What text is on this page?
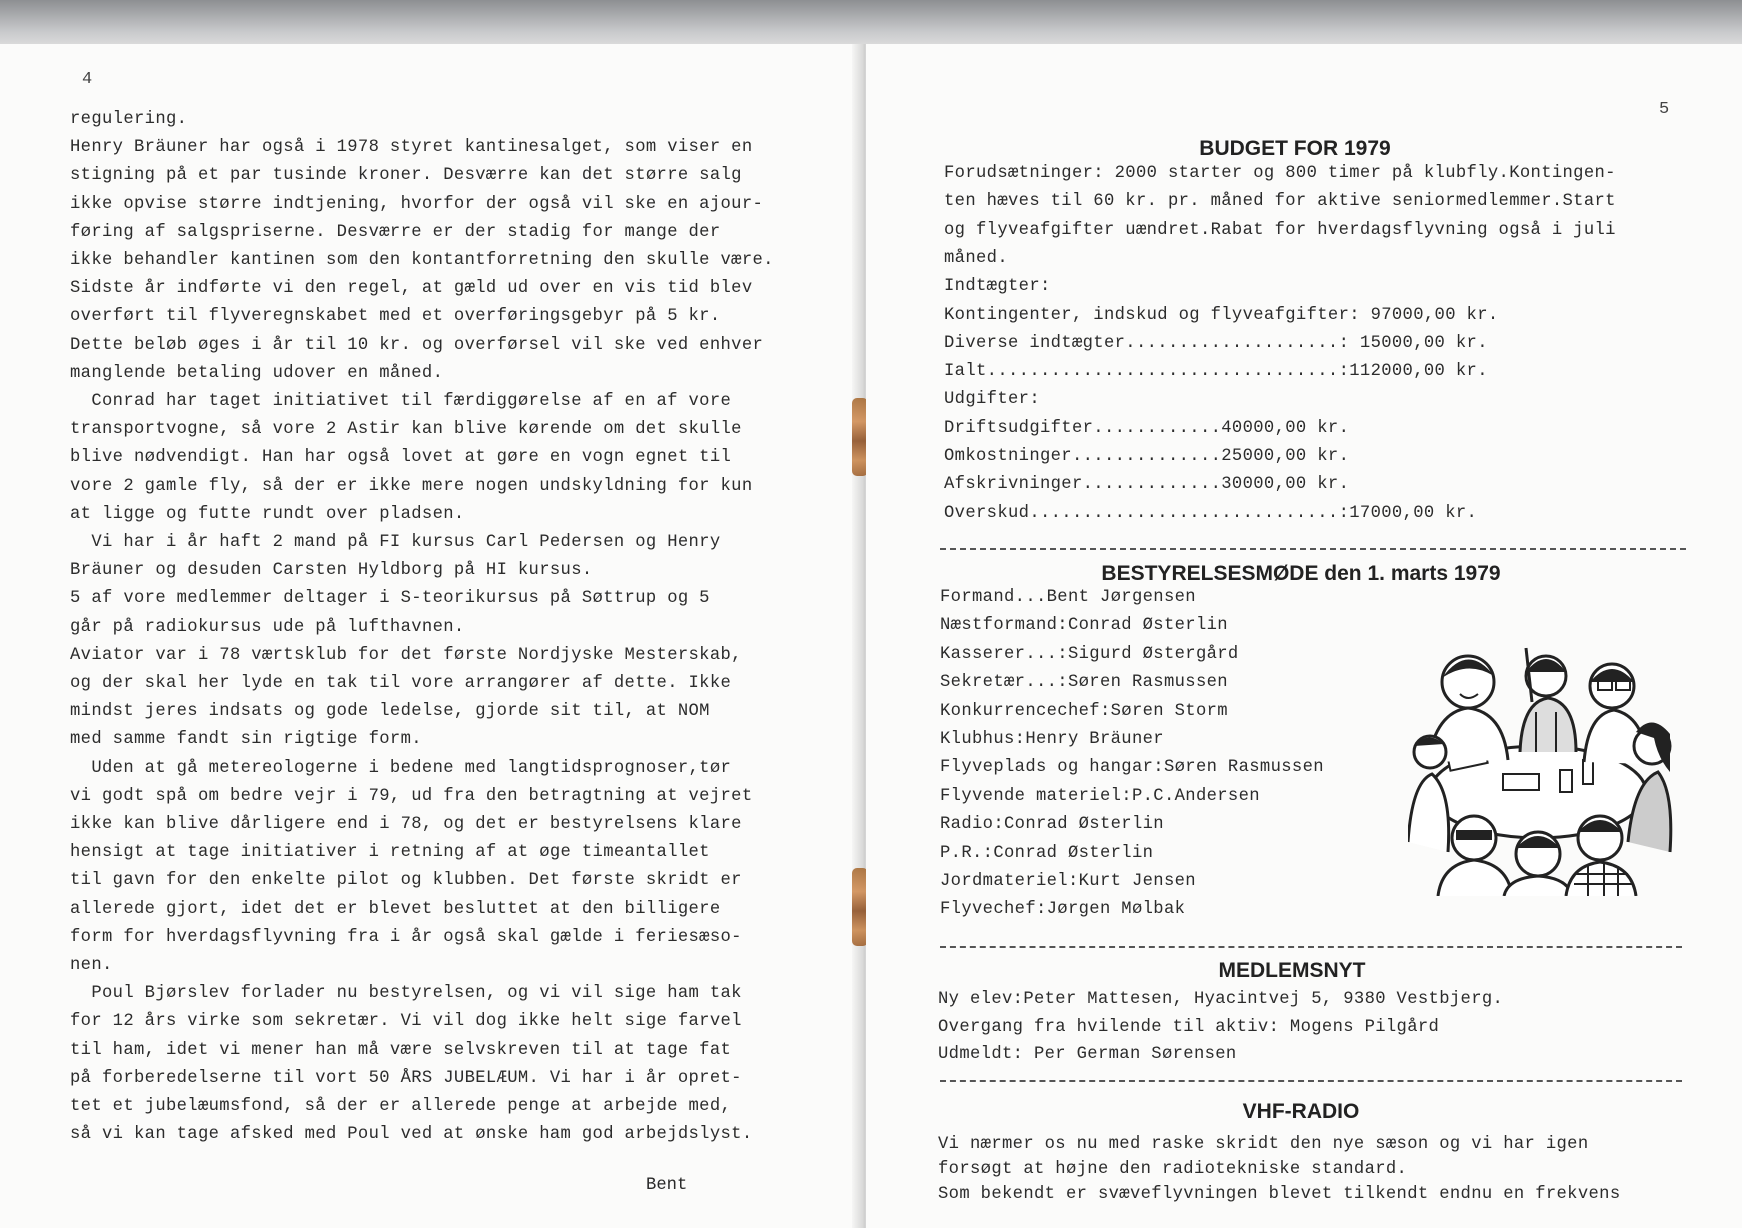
4
regulering.
Henry Bräuner har også i 1978 styret kantinesalget, som viser en
stigning på et par tusinde kroner. Desværre kan det større salg
ikke opvise større indtjening, hvorfor der også vil ske en ajour-
føring af salgspriserne. Desværre er der stadig for mange der
ikke behandler kantinen som den kontantforretning den skulle være.
Sidste år indførte vi den regel, at gæld ud over en vis tid blev
overført til flyveregnskabet med et overføringsgebyr på 5 kr.
Dette beløb øges i år til 10 kr. og overførsel vil ske ved enhver
manglende betaling udover en måned.
Conrad har taget initiativet til færdiggørelse af en af vore
transportvogne, så vore 2 Astir kan blive kørende om det skulle
blive nødvendigt. Han har også lovet at gøre en vogn egnet til
vore 2 gamle fly, så der er ikke mere nogen undskyldning for kun
at ligge og futte rundt over pladsen.
Vi har i år haft 2 mand på FI kursus Carl Pedersen og Henry
Bräuner og desuden Carsten Hyldborg på HI kursus.
5 af vore medlemmer deltager i S-teorikursus på Søttrup og 5
går på radiokursus ude på lufthavnen.
Aviator var i 78 værtsklub for det første Nordjyske Mesterskab,
og der skal her lyde en tak til vore arrangører af dette. Ikke
mindst jeres indsats og gode ledelse, gjorde sit til, at NOM
med samme fandt sin rigtige form.
Uden at gå metereologerne i bedene med langtidsprognoser,tør
vi godt spå om bedre vejr i 79, ud fra den betragtning at vejret
ikke kan blive dårligere end i 78, og det er bestyrelsens klare
hensigt at tage initiativer i retning af at øge timeantallet
til gavn for den enkelte pilot og klubben. Det første skridt er
allerede gjort, idet det er blevet besluttet at den billigere
form for hverdagsflyvning fra i år også skal gælde i feriesæso-
nen.
Poul Bjørslev forlader nu bestyrelsen, og vi vil sige ham tak
for 12 års virke som sekretær. Vi vil dog ikke helt sige farvel
til ham, idet vi mener han må være selvskreven til at tage fat
på forberedelserne til vort 50 ÅRS JUBELÆUM. Vi har i år opret-
tet et jubelæumsfond, så der er allerede penge at arbejde med,
så vi kan tage afsked med Poul ved at ønske ham god arbejdslyst.
Bent
5
BUDGET FOR 1979
Forudsætninger: 2000 starter og 800 timer på klubfly.Kontingen-
ten hæves til 60 kr. pr. måned for aktive seniormedlemmer.Start
og flyveafgifter uændret.Rabat for hverdagsflyvning også i juli
måned.
Indtægter:
Kontingenter, indskud og flyveafgifter: 97000,00 kr.
Diverse indtægter....................: 15000,00 kr.
Ialt.................................:112000,00 kr.
Udgifter:
Driftsudgifter............40000,00 kr.
Omkostninger..............25000,00 kr.
Afskrivninger.............30000,00 kr.
Overskud.............................:17000,00 kr.
BESTYRELSESMØDE den 1. marts 1979
Formand...Bent Jørgensen
Næstformand:Conrad Østerlin
Kasserer...:Sigurd Østergård
Sekretær...:Søren Rasmussen
Konkurrencechef:Søren Storm
Klubhus:Henry Bräuner
Flyveplads og hangar:Søren Rasmussen
Flyvende materiel:P.C.Andersen
Radio:Conrad Østerlin
P.R.:Conrad Østerlin
Jordmateriel:Kurt Jensen
Flyvechef:Jørgen Mølbak
MEDLEMSNYT
Ny elev:Peter Mattesen, Hyacintvej 5, 9380 Vestbjerg.
Overgang fra hvilende til aktiv: Mogens Pilgård
Udmeldt: Per German Sørensen
VHF-RADIO
Vi nærmer os nu med raske skridt den nye sæson og vi har igen
forsøgt at højne den radiotekniske standard.
Som bekendt er svæveflyvningen blevet tilkendt endnu en frekvens
